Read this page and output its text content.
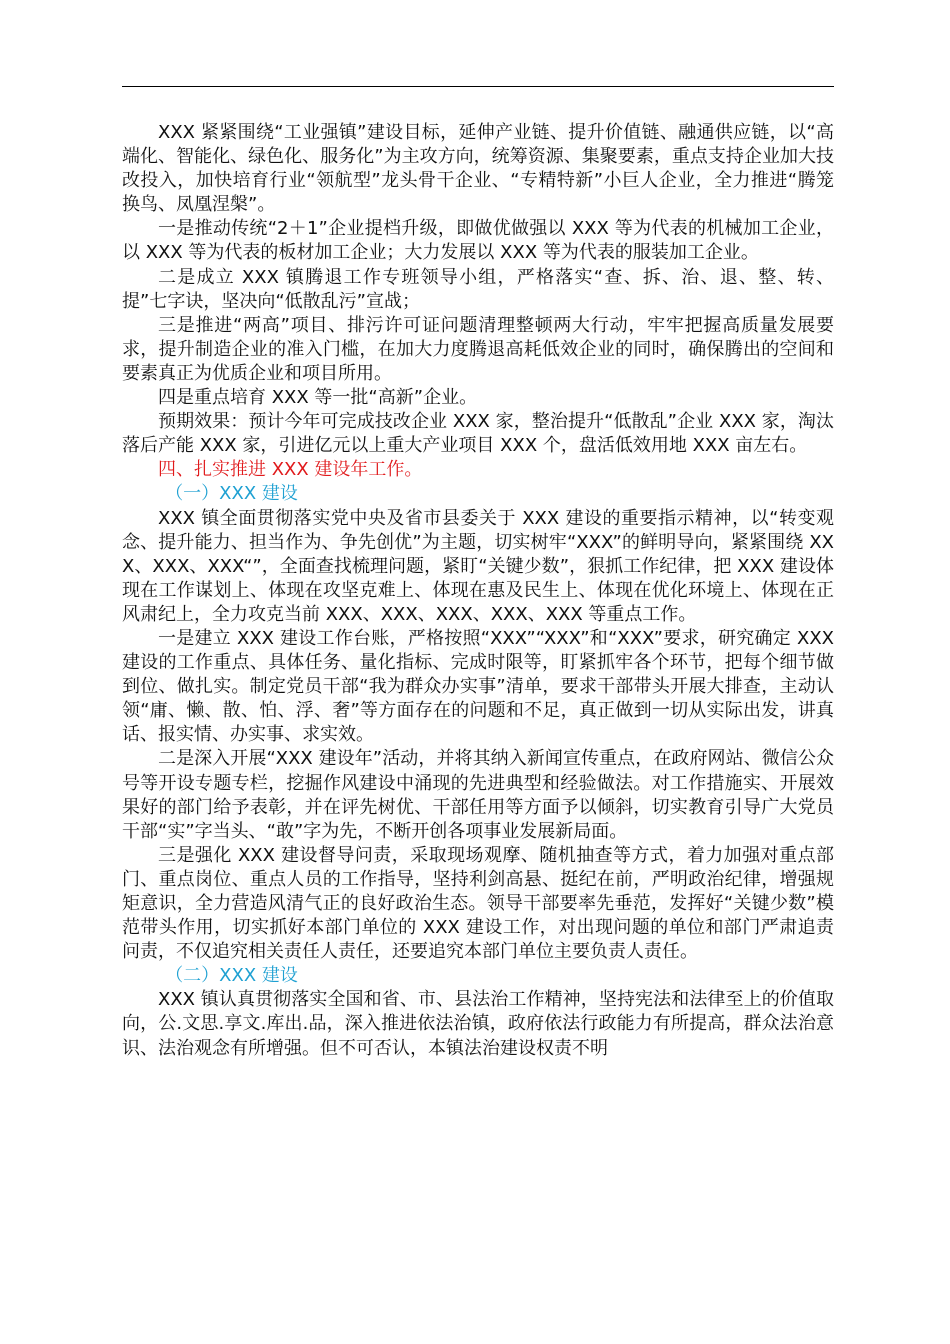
XXX 紧紧围绕“工业强镇”建设目标，延伸产业链、提升价值链、融通供应链，以“高端化、智能化、绿色化、服务化”为主攻方向，统筹资源、集聚要素，重点支持企业加大技改投入，加快培育行业“领航型”龙头骨干企业、“专精特新”小巨人企业，全力推进“腾笼换鸟、凤凰涅槃”。

一是推动传统“2＋1”企业提档升级，即做优做强以 XXX 等为代表的机械加工企业，以 XXX 等为代表的板材加工企业；大力发展以 XXX 等为代表的服装加工企业。

二是成立 XXX 镇腾退工作专班领导小组，严格落实“查、拆、治、退、整、转、提”七字诀，坚决向“低散乱污”宣战；

三是推进“两高”项目、排污许可证问题清理整顿两大行动，牢牢把握高质量发展要求，提升制造企业的准入门槛，在加大力度腾退高耗低效企业的同时，确保腾出的空间和要素真正为优质企业和项目所用。

四是重点培育 XXX 等一批“高新”企业。

预期效果：预计今年可完成技改企业 XXX 家，整治提升“低散乱”企业 XXX 家，淘汰落后产能 XXX 家，引进亿元以上重大产业项目 XXX 个，盘活低效用地 XXX 亩左右。

四、扎实推进 XXX 建设年工作。

（一）XXX 建设

XXX 镇全面贯彻落实党中央及省市县委关于 XXX 建设的重要指示精神，以“转变观念、提升能力、担当作为、争先创优”为主题，切实树牢“XXX”的鲜明导向，紧紧围绕 XXX、XXX、XXX“”，全面查找梳理问题，紧盯“关键少数”，狠抓工作纪律，把 XXX 建设体现在工作谋划上、体现在攻坚克难上、体现在惠及民生上、体现在优化环境上、体现在正风肃纪上，全力攻克当前 XXX、XXX、XXX、XXX、XXX 等重点工作。

一是建立 XXX 建设工作台账，严格按照“XXX”“XXX”和“XXX”要求，研究确定 XXX 建设的工作重点、具体任务、量化指标、完成时限等，盯紧抓牢各个环节，把每个细节做到位、做扎实。制定党员干部“我为群众办实事”清单，要求干部带头开展大排查，主动认领“庸、懒、散、怕、浮、奢”等方面存在的问题和不足，真正做到一切从实际出发，讲真话、报实情、办实事、求实效。

二是深入开展“XXX 建设年”活动，并将其纳入新闻宣传重点，在政府网站、微信公众号等开设专题专栏，挖掘作风建设中涌现的先进典型和经验做法。对工作措施实、开展效果好的部门给予表彰，并在评先树优、干部任用等方面予以倾斜，切实教育引导广大党员干部“实”字当头、“敢”字为先，不断开创各项事业发展新局面。

三是强化 XXX 建设督导问责，采取现场观摩、随机抽查等方式，着力加强对重点部门、重点岗位、重点人员的工作指导，坚持利剑高悬、挺纪在前，严明政治纪律，增强规矩意识，全力营造风清气正的良好政治生态。领导干部要率先垂范，发挥好“关键少数”模范带头作用，切实抓好本部门单位的 XXX 建设工作，对出现问题的单位和部门严肃追责问责，不仅追究相关责任人责任，还要追究本部门单位主要负责人责任。

（二）XXX 建设

XXX 镇认真贯彻落实全国和省、市、县法治工作精神，坚持宪法和法律至上的价值取向，公.文思.享文.库出.品，深入推进依法治镇，政府依法行政能力有所提高，群众法治意识、法治观念有所增强。但不可否认，本镇法治建设权责不明
